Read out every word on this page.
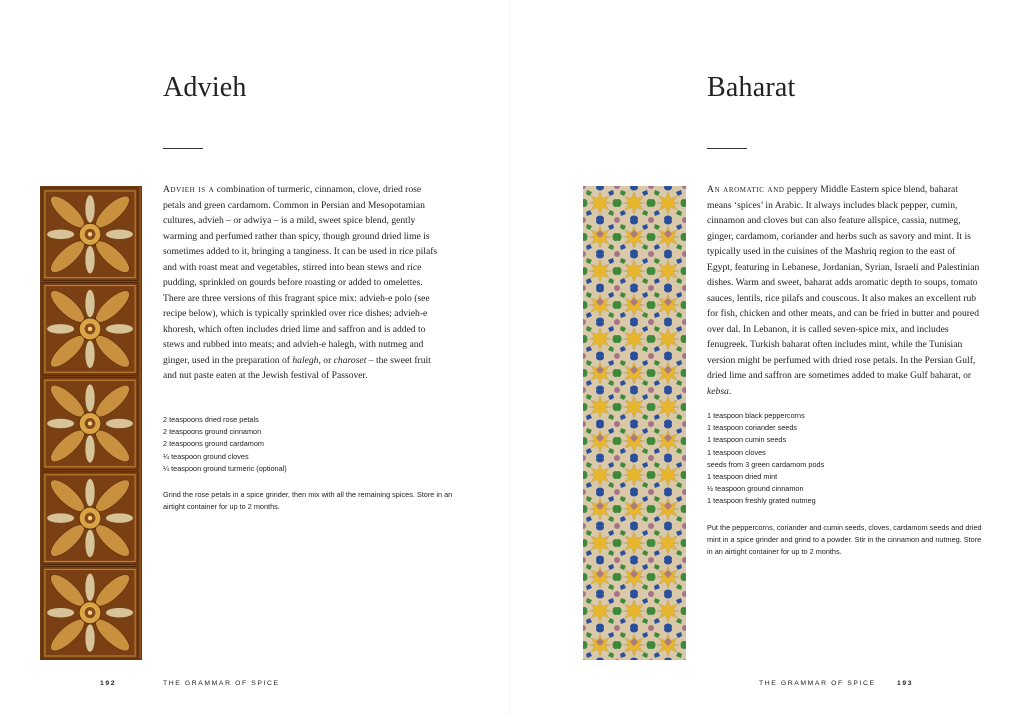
Advieh

Advieh is a combination of turmeric, cinnamon, clove, dried rose petals and green cardamom. Common in Persian and Mesopotamian cultures, advieh – or adwiya – is a mild, sweet spice blend, gently warming and perfumed rather than spicy, though ground dried lime is sometimes added to it, bringing a tanginess. It can be used in rice pilafs and with roast meat and vegetables, stirred into bean stews and rice pudding, sprinkled on gourds before roasting or added to omelettes. There are three versions of this fragrant spice mix: advieh-e polo (see recipe below), which is typically sprinkled over rice dishes; advieh-e khoresh, which often includes dried lime and saffron and is added to stews and rubbed into meats; and advieh-e halegh, with nutmeg and ginger, used in the preparation of halegh, or charoset – the sweet fruit and nut paste eaten at the Jewish festival of Passover.

2 teaspoons dried rose petals
2 teaspoons ground cinnamon
2 teaspoons ground cardamom
¼ teaspoon ground cloves
¼ teaspoon ground turmeric (optional)

Grind the rose petals in a spice grinder, then mix with all the remaining spices. Store in an airtight container for up to 2 months.

192	THE GRAMMAR OF SPICE
Baharat

An aromatic and peppery Middle Eastern spice blend, baharat means ‘spices’ in Arabic. It always includes black pepper, cumin, cinnamon and cloves but can also feature allspice, cassia, nutmeg, ginger, cardamom, coriander and herbs such as savory and mint. It is typically used in the cuisines of the Mashriq region to the east of Egypt, featuring in Lebanese, Jordanian, Syrian, Israeli and Palestinian dishes. Warm and sweet, baharat adds aromatic depth to soups, tomato sauces, lentils, rice pilafs and couscous. It also makes an excellent rub for fish, chicken and other meats, and can be fried in butter and poured over dal. In Lebanon, it is called seven-spice mix, and includes fenugreek. Turkish baharat often includes mint, while the Tunisian version might be perfumed with dried rose petals. In the Persian Gulf, dried lime and saffron are sometimes added to make Gulf baharat, or kebsa.

1 teaspoon black peppercorns
1 teaspoon coriander seeds
1 teaspoon cumin seeds
1 teaspoon cloves
seeds from 3 green cardamom pods
1 teaspoon dried mint
½ teaspoon ground cinnamon
1 teaspoon freshly grated nutmeg

Put the peppercorns, coriander and cumin seeds, cloves, cardamom seeds and dried mint in a spice grinder and grind to a powder. Stir in the cinnamon and nutmeg. Store in an airtight container for up to 2 months.

THE GRAMMAR OF SPICE	193
